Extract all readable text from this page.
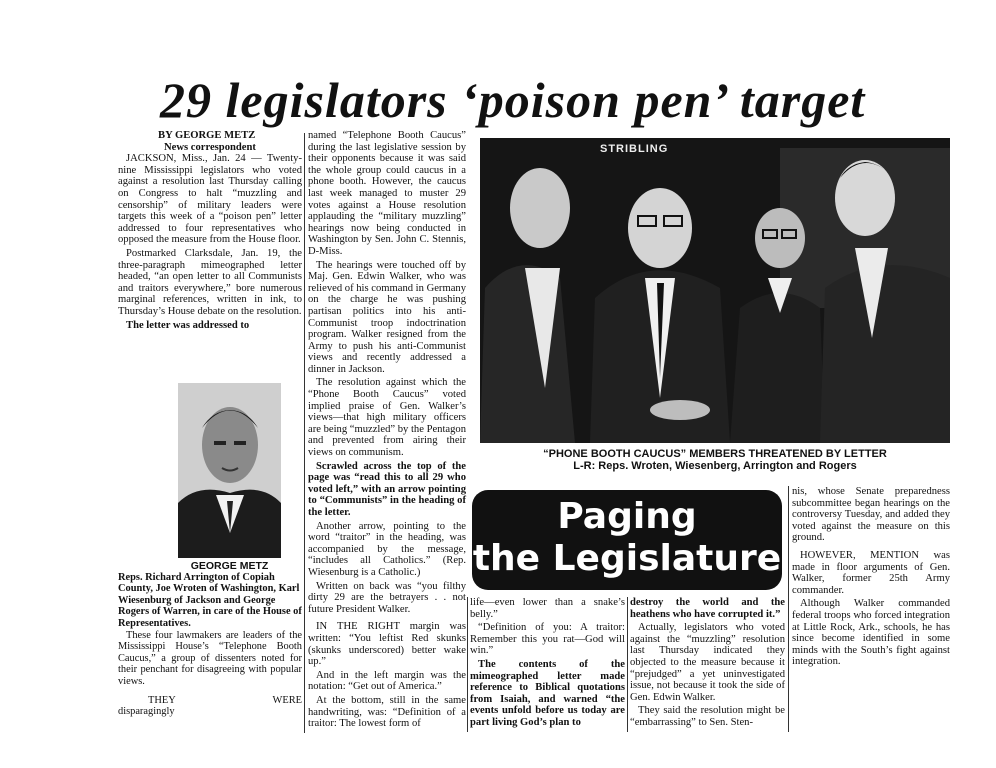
29 legislators ‘poison pen’ target
BY GEORGE METZ
News correspondent

JACKSON, Miss., Jan. 24 — Twenty-nine Mississippi legislators who voted against a resolution last Thursday calling on Congress to halt “muzzling and censorship” of military leaders were targets this week of a “poison pen” letter addressed to four representatives who opposed the measure from the House floor.

Postmarked Clarksdale, Jan. 19, the three-paragraph mimeographed letter headed, “an open letter to all Communists and traitors everywhere,” bore numerous marginal references, written in ink, to Thursday’s House debate on the resolution.

The letter was addressed to

GEORGE METZ
Reps. Richard Arrington of Copiah County, Joe Wroten of Washington, Karl Wiesenburg of Jackson and George Rogers of Warren, in care of the House of Representatives.

These four lawmakers are leaders of the Mississippi House’s “Telephone Booth Caucus,” a group of dissenters noted for their penchant for disagreeing with popular views.

THEY WERE disparagingly

named “Telephone Booth Caucus” during the last legislative session by their opponents because it was said the whole group could caucus in a phone booth. However, the caucus last week managed to muster 29 votes against a House resolution applauding the “military muzzling” hearings now being conducted in Washington by Sen. John C. Stennis, D-Miss.

The hearings were touched off by Maj. Gen. Edwin Walker, who was relieved of his command in Germany on the charge he was pushing partisan politics into his anti-Communist troop indoctrination program. Walker resigned from the Army to push his anti-Communist views and recently addressed a dinner in Jackson.

The resolution against which the “Phone Booth Caucus” voted implied praise of Gen. Walker’s views—that high military officers are being “muzzled” by the Pentagon and prevented from airing their views on communism.

Scrawled across the top of the page was “read this to all 29 who voted left,” with an arrow pointing to “Communists” in the heading of the letter.

Another arrow, pointing to the word “traitor” in the heading, was accompanied by the message, “includes all Catholics.” (Rep. Wiesenburg is a Catholic.)

Written on back was “you filthy dirty 29 are the betrayers . . not future President Walker.

IN THE RIGHT margin was written: “You leftist Red skunks (skunks underscored) better wake up.”

And in the left margin was the notation: “Get out of America.”

At the bottom, still in the same handwriting, was: “Definition of a traitor: The lowest form of

STRIBLING
“PHONE BOOTH CAUCUS” MEMBERS THREATENED BY LETTER
L-R: Reps. Wroten, Wiesenberg, Arrington and Rogers
Paging
the Legislature

life—even lower than a snake’s belly.”

“Definition of you: A traitor: Remember this you rat—God will win.”

The contents of the mimeographed letter made reference to Biblical quotations from Isaiah, and warned “the events unfold before us today are part living God’s plan to

destroy the world and the heathens who have corrupted it.”

Actually, legislators who voted against the “muzzling” resolution last Thursday indicated they objected to the measure because it “prejudged” a yet uninvestigated issue, not because it took the side of Gen. Edwin Walker.

They said the resolution might be “embarrassing” to Sen. Sten-

nis, whose Senate preparedness subcommittee began hearings on the controversy Tuesday, and added they voted against the measure on this ground.

HOWEVER, MENTION was made in floor arguments of Gen. Walker, former 25th Army commander.

Although Walker commanded federal troops who forced integration at Little Rock, Ark., schools, he has since become identified in some minds with the South’s fight against integration.
